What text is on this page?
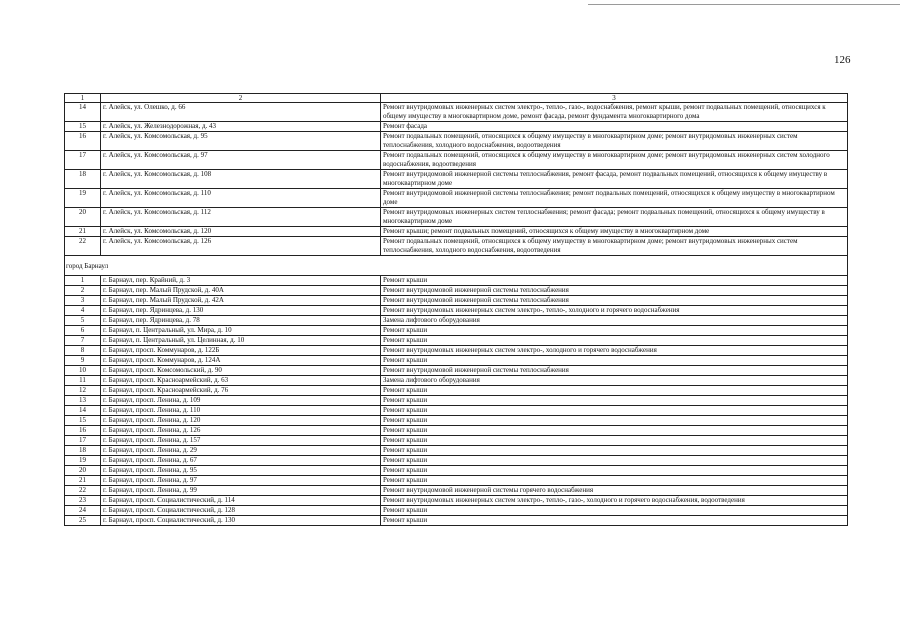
126
1	2	3
14	г. Алейск, ул. Олешко, д. 66	Ремонт внутридомовых инженерных систем электро-, тепло-, газо-, водоснабжения, ремонт крыши, ремонт подвальных помещений, относящихся к общему имуществу в многоквартирном доме, ремонт фасада, ремонт фундамента многоквартирного дома
15	г. Алейск, ул. Железнодорожная, д. 43	Ремонт фасада
16	г. Алейск, ул. Комсомольская, д. 95	Ремонт подвальных помещений, относящихся к общему имуществу в многоквартирном доме; ремонт внутридомовых инженерных систем теплоснабжения, холодного водоснабжения, водоотведения
17	г. Алейск, ул. Комсомольская, д. 97	Ремонт подвальных помещений, относящихся к общему имуществу в многоквартирном доме; ремонт внутридомовых инженерных систем холодного водоснабжения, водоотведения
18	г. Алейск, ул. Комсомольская, д. 108	Ремонт внутридомовой инженерной системы теплоснабжения, ремонт фасада, ремонт подвальных помещений, относящихся к общему имуществу в многоквартирном доме
19	г. Алейск, ул. Комсомольская, д. 110	Ремонт внутридомовой инженерной системы теплоснабжения; ремонт подвальных помещений, относящихся к общему имуществу в многоквартирном доме
20	г. Алейск, ул. Комсомольская, д. 112	Ремонт внутридомовых инженерных систем теплоснабжения; ремонт фасада; ремонт подвальных помещений, относящихся к общему имуществу в многоквартирном доме
21	г. Алейск, ул. Комсомольская, д. 120	Ремонт крыши; ремонт подвальных помещений, относящихся к общему имуществу в многоквартирном доме
22	г. Алейск, ул. Комсомольская, д. 126	Ремонт подвальных помещений, относящихся к общему имуществу в многоквартирном доме; ремонт внутридомовых инженерных систем теплоснабжения, холодного водоснабжения, водоотведения
город Барнаул		
1	г. Барнаул, пер. Крайний, д. 3	Ремонт крыши
2	г. Барнаул, пер. Малый Прудской, д. 40А	Ремонт внутридомовой инженерной системы теплоснабжения
3	г. Барнаул, пер. Малый Прудской, д. 42А	Ремонт внутридомовой инженерной системы теплоснабжения
4	г. Барнаул, пер. Ядринцева, д. 130	Ремонт внутридомовых инженерных систем электро-, тепло-, холодного и горячего водоснабжения
5	г. Барнаул, пер. Ядринцева, д. 78	Замена лифтового оборудования
6	г. Барнаул, п. Центральный, ул. Мира, д. 10	Ремонт крыши
7	г. Барнаул, п. Центральный, ул. Целинная, д. 10	Ремонт крыши
8	г. Барнаул, просп. Коммунаров, д. 122Б	Ремонт внутридомовых инженерных систем электро-, холодного и горячего водоснабжения
9	г. Барнаул, просп. Коммунаров, д. 124А	Ремонт крыши
10	г. Барнаул, просп. Комсомольский, д. 90	Ремонт внутридомовой инженерной системы теплоснабжения
11	г. Барнаул, просп. Красноармейский, д. 63	Замена лифтового оборудования
12	г. Барнаул, просп. Красноармейский, д. 76	Ремонт крыши
13	г. Барнаул, просп. Ленина, д. 109	Ремонт крыши
14	г. Барнаул, просп. Ленина, д. 110	Ремонт крыши
15	г. Барнаул, просп. Ленина, д. 120	Ремонт крыши
16	г. Барнаул, просп. Ленина, д. 126	Ремонт крыши
17	г. Барнаул, просп. Ленина, д. 157	Ремонт крыши
18	г. Барнаул, просп. Ленина, д. 29	Ремонт крыши
19	г. Барнаул, просп. Ленина, д. 67	Ремонт крыши
20	г. Барнаул, просп. Ленина, д. 95	Ремонт крыши
21	г. Барнаул, просп. Ленина, д. 97	Ремонт крыши
22	г. Барнаул, просп. Ленина, д. 99	Ремонт внутридомовой инженерной системы горячего водоснабжения
23	г. Барнаул, просп. Социалистический, д. 114	Ремонт внутридомовых инженерных систем электро-, тепло-, газо-, холодного и горячего водоснабжения, водоотведения
24	г. Барнаул, просп. Социалистический, д. 128	Ремонт крыши
25	г. Барнаул, просп. Социалистический, д. 130	Ремонт крыши
